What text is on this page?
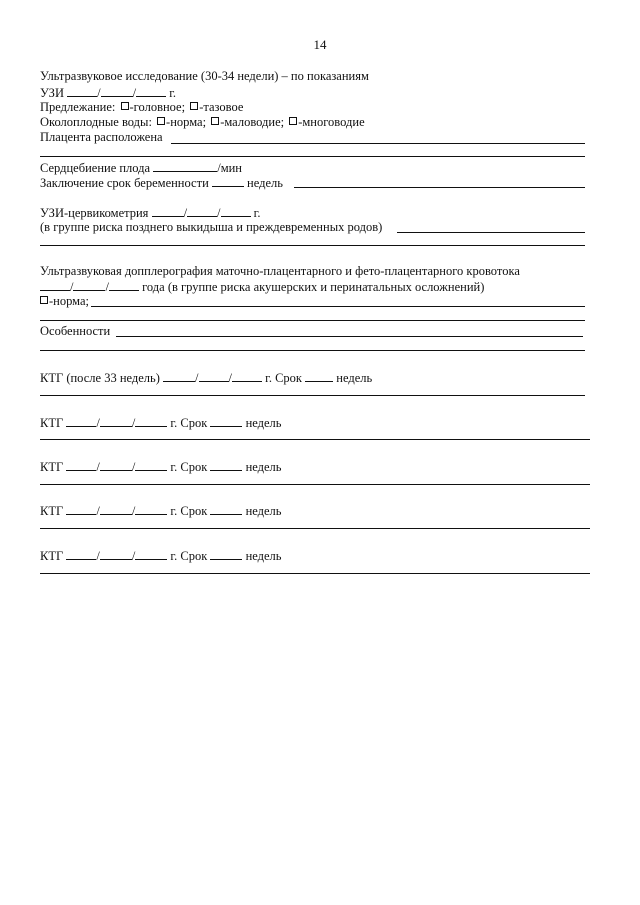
14
Ультразвуковое исследование (30-34 недели) – по показаниям
УЗИ	/	/	г.
Предлежание: -головное; -тазовое
Околоплодные воды: -норма; -маловодие; -многоводие
Плацента расположена
Сердцебиение плода	/мин
Заключение срок беременности	недель
УЗИ-цервикометрия	/ /	г.
(в группе риска позднего выкидыша и преждевременных родов)
Ультразвуковая допплерография маточно-плацентарного и фето-плацентарного кровотока
/	/	года (в группе риска акушерских и перинатальных осложнений)
-норма;
Особенности
КТГ (после 33 недель)	/ /	г. Срок	недель
КТГ	/	/	г. Срок	недель
КТГ	/	/	г. Срок	недель
КТГ	/	/	г. Срок	недель
КТГ	/	/	г. Срок	недель
